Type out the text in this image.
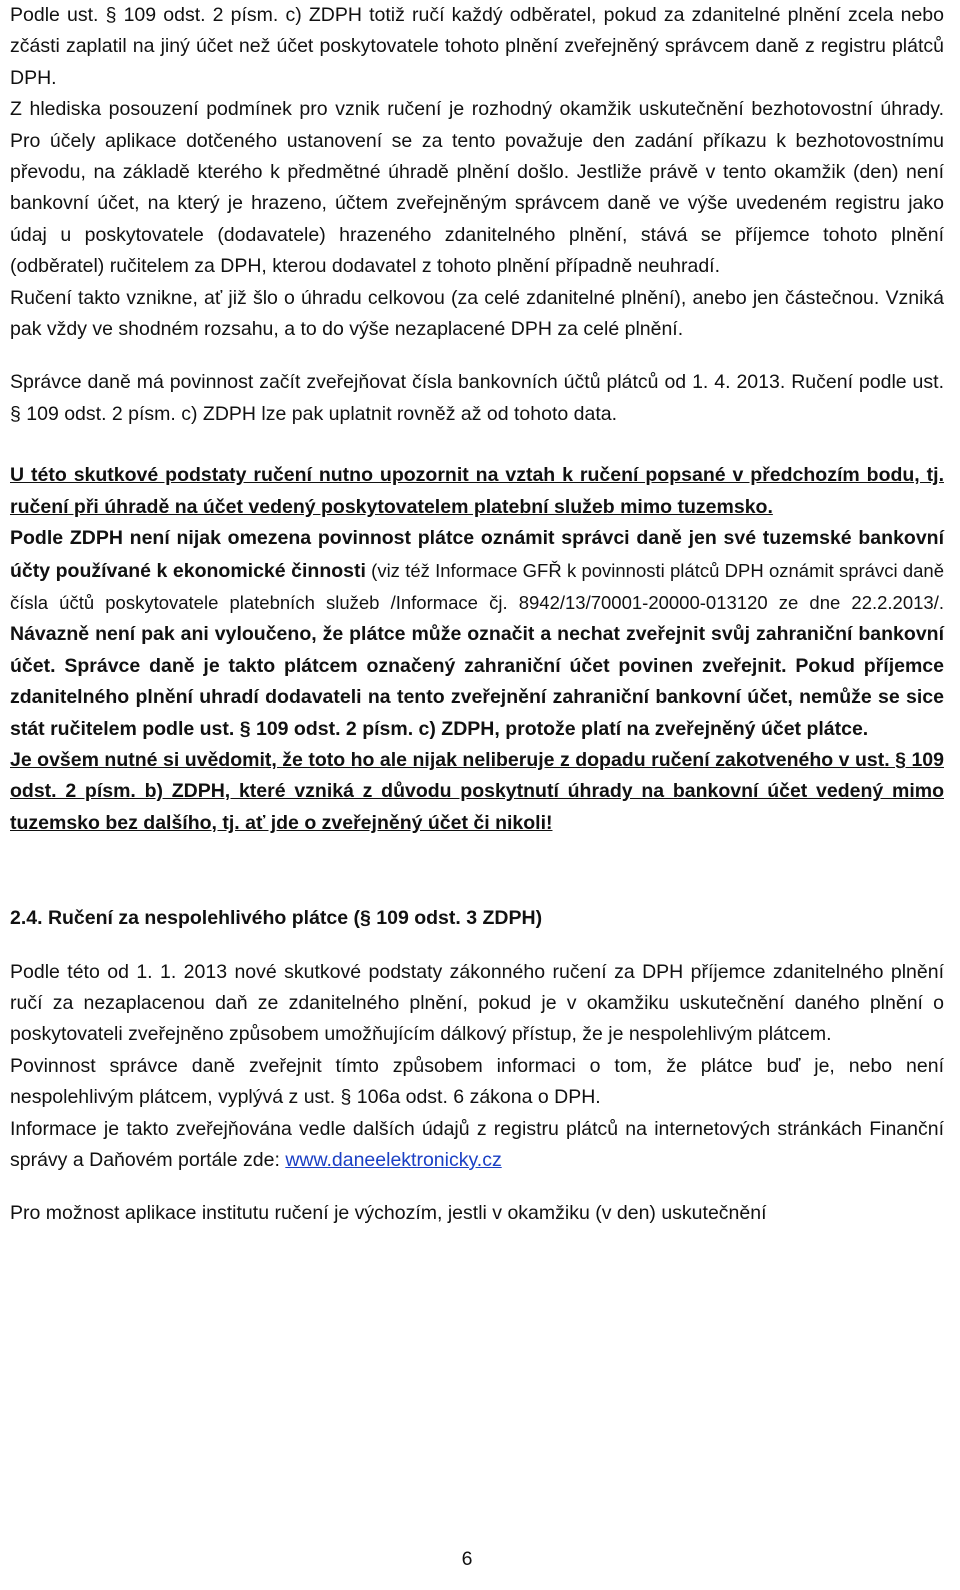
Podle ust. § 109 odst. 2 písm. c) ZDPH totiž ručí každý odběratel, pokud za zdanitelné plnění zcela nebo zčásti zaplatil na jiný účet než účet poskytovatele tohoto plnění zveřejněný správcem daně z registru plátců DPH.

Z hlediska posouzení podmínek pro vznik ručení je rozhodný okamžik uskutečnění bezhotovostní úhrady. Pro účely aplikace dotčeného ustanovení se za tento považuje den zadání příkazu k bezhotovostnímu převodu, na základě kterého k předmětné úhradě plnění došlo. Jestliže právě v tento okamžik (den) není bankovní účet, na který je hrazeno, účtem zveřejněným správcem daně ve výše uvedeném registru jako údaj u poskytovatele (dodavatele) hrazeného zdanitelného plnění, stává se příjemce tohoto plnění (odběratel) ručitelem za DPH, kterou dodavatel z tohoto plnění případně neuhradí.

Ručení takto vznikne, ať již šlo o úhradu celkovou (za celé zdanitelné plnění), anebo jen částečnou. Vzniká pak vždy ve shodném rozsahu, a to do výše nezaplacené DPH za celé plnění.

Správce daně má povinnost začít zveřejňovat čísla bankovních účtů plátců od 1. 4. 2013. Ručení podle ust. § 109 odst. 2 písm. c) ZDPH lze pak uplatnit rovněž až od tohoto data.

U této skutkové podstaty ručení nutno upozornit na vztah k ručení popsané v předchozím bodu, tj. ručení při úhradě na účet vedený poskytovatelem platební služeb mimo tuzemsko.

Podle ZDPH není nijak omezena povinnost plátce oznámit správci daně jen své tuzemské bankovní účty používané k ekonomické činnosti (viz též Informace GFŘ k povinnosti plátců DPH oznámit správci daně čísla účtů poskytovatele platebních služeb /Informace čj. 8942/13/70001-20000-013120 ze dne 22.2.2013/. Návazně není pak ani vyloučeno, že plátce může označit a nechat zveřejnit svůj zahraniční bankovní účet. Správce daně je takto plátcem označený zahraniční účet povinen zveřejnit. Pokud příjemce zdanitelného plnění uhradí dodavateli na tento zveřejnění zahraniční bankovní účet, nemůže se sice stát ručitelem podle ust. § 109 odst. 2 písm. c) ZDPH, protože platí na zveřejněný účet plátce.

Je ovšem nutné si uvědomit, že toto ho ale nijak neliberuje z dopadu ručení zakotveného v ust. § 109 odst. 2 písm. b) ZDPH, které vzniká z důvodu poskytnutí úhrady na bankovní účet vedený mimo tuzemsko bez dalšího, tj. ať jde o zveřejněný účet či nikoli!

2.4. Ručení za nespolehlivého plátce (§ 109 odst. 3 ZDPH)

Podle této od 1. 1. 2013 nové skutkové podstaty zákonného ručení za DPH příjemce zdanitelného plnění ručí za nezaplacenou daň ze zdanitelného plnění, pokud je v okamžiku uskutečnění daného plnění o poskytovateli zveřejněno způsobem umožňujícím dálkový přístup, že je nespolehlivým plátcem.

Povinnost správce daně zveřejnit tímto způsobem informaci o tom, že plátce buď je, nebo není nespolehlivým plátcem, vyplývá z ust. § 106a odst. 6 zákona o DPH.

Informace je takto zveřejňována vedle dalších údajů z registru plátců na internetových stránkách Finanční správy a Daňovém portále zde: www.daneelektronicky.cz

Pro možnost aplikace institutu ručení je výchozím, jestli v okamžiku (v den) uskutečnění

6
